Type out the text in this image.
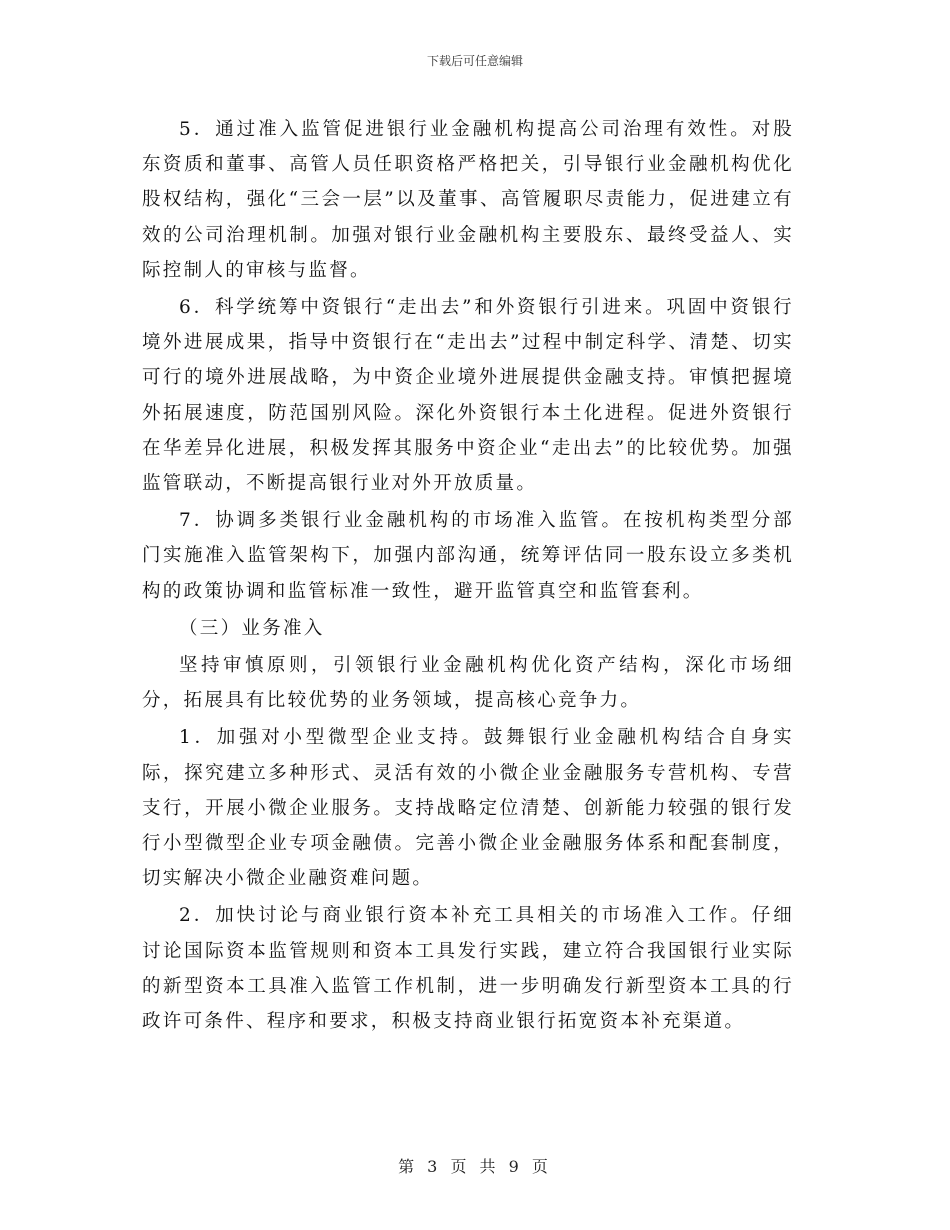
下载后可任意编辑

5．通过准入监管促进银行业金融机构提高公司治理有效性。对股东资质和董事、高管人员任职资格严格把关，引导银行业金融机构优化股权结构，强化“三会一层”以及董事、高管履职尽责能力，促进建立有效的公司治理机制。加强对银行业金融机构主要股东、最终受益人、实际控制人的审核与监督。

6．科学统筹中资银行“走出去”和外资银行引进来。巩固中资银行境外进展成果，指导中资银行在“走出去”过程中制定科学、清楚、切实可行的境外进展战略，为中资企业境外进展提供金融支持。审慎把握境外拓展速度，防范国别风险。深化外资银行本土化进程。促进外资银行在华差异化进展，积极发挥其服务中资企业“走出去”的比较优势。加强监管联动，不断提高银行业对外开放质量。

7．协调多类银行业金融机构的市场准入监管。在按机构类型分部门实施准入监管架构下，加强内部沟通，统筹评估同一股东设立多类机构的政策协调和监管标准一致性，避开监管真空和监管套利。

（三）业务准入

坚持审慎原则，引领银行业金融机构优化资产结构，深化市场细分，拓展具有比较优势的业务领域，提高核心竞争力。

1．加强对小型微型企业支持。鼓舞银行业金融机构结合自身实际，探究建立多种形式、灵活有效的小微企业金融服务专营机构、专营支行，开展小微企业服务。支持战略定位清楚、创新能力较强的银行发行小型微型企业专项金融债。完善小微企业金融服务体系和配套制度，切实解决小微企业融资难问题。

2．加快讨论与商业银行资本补充工具相关的市场准入工作。仔细讨论国际资本监管规则和资本工具发行实践，建立符合我国银行业实际的新型资本工具准入监管工作机制，进一步明确发行新型资本工具的行政许可条件、程序和要求，积极支持商业银行拓宽资本补充渠道。

第 3 页 共 9 页
